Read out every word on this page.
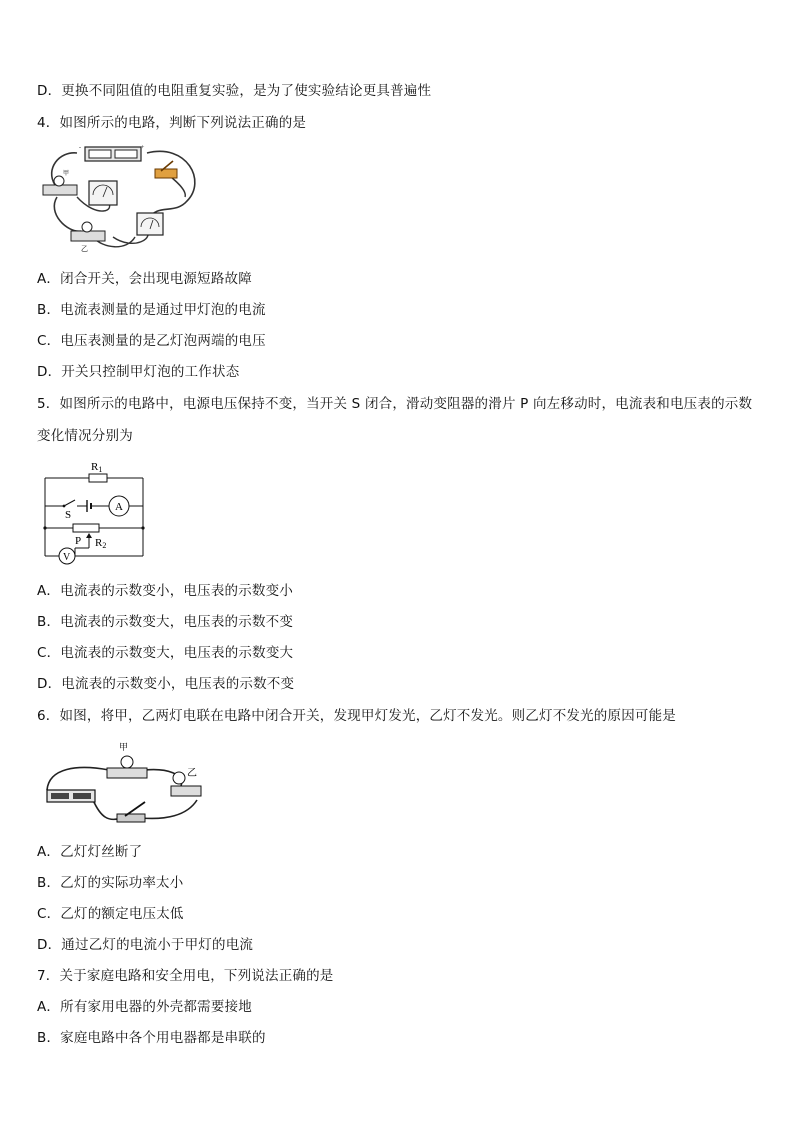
D．更换不同阻值的电阻重复实验，是为了使实验结论更具普遍性
4．如图所示的电路，判断下列说法正确的是
-	+
甲
乙
A．闭合开关，会出现电源短路故障
B．电流表测量的是通过甲灯泡的电流
C．电压表测量的是乙灯泡两端的电压
D．开关只控制甲灯泡的工作状态
5．如图所示的电路中，电源电压保持不变，当开关 S 闭合，滑动变阻器的滑片 P 向左移动时，电流表和电压表的示数
变化情况分别为
R1
S
A
P R2
V
A．电流表的示数变小，电压表的示数变小
B．电流表的示数变大，电压表的示数不变
C．电流表的示数变大，电压表的示数变大
D．电流表的示数变小，电压表的示数不变
6．如图，将甲，乙两灯电联在电路中闭合开关，发现甲灯发光，乙灯不发光。则乙灯不发光的原因可能是
甲
乙
A．乙灯灯丝断了
B．乙灯的实际功率太小
C．乙灯的额定电压太低
D．通过乙灯的电流小于甲灯的电流
7．关于家庭电路和安全用电，下列说法正确的是
A．所有家用电器的外壳都需要接地
B．家庭电路中各个用电器都是串联的
